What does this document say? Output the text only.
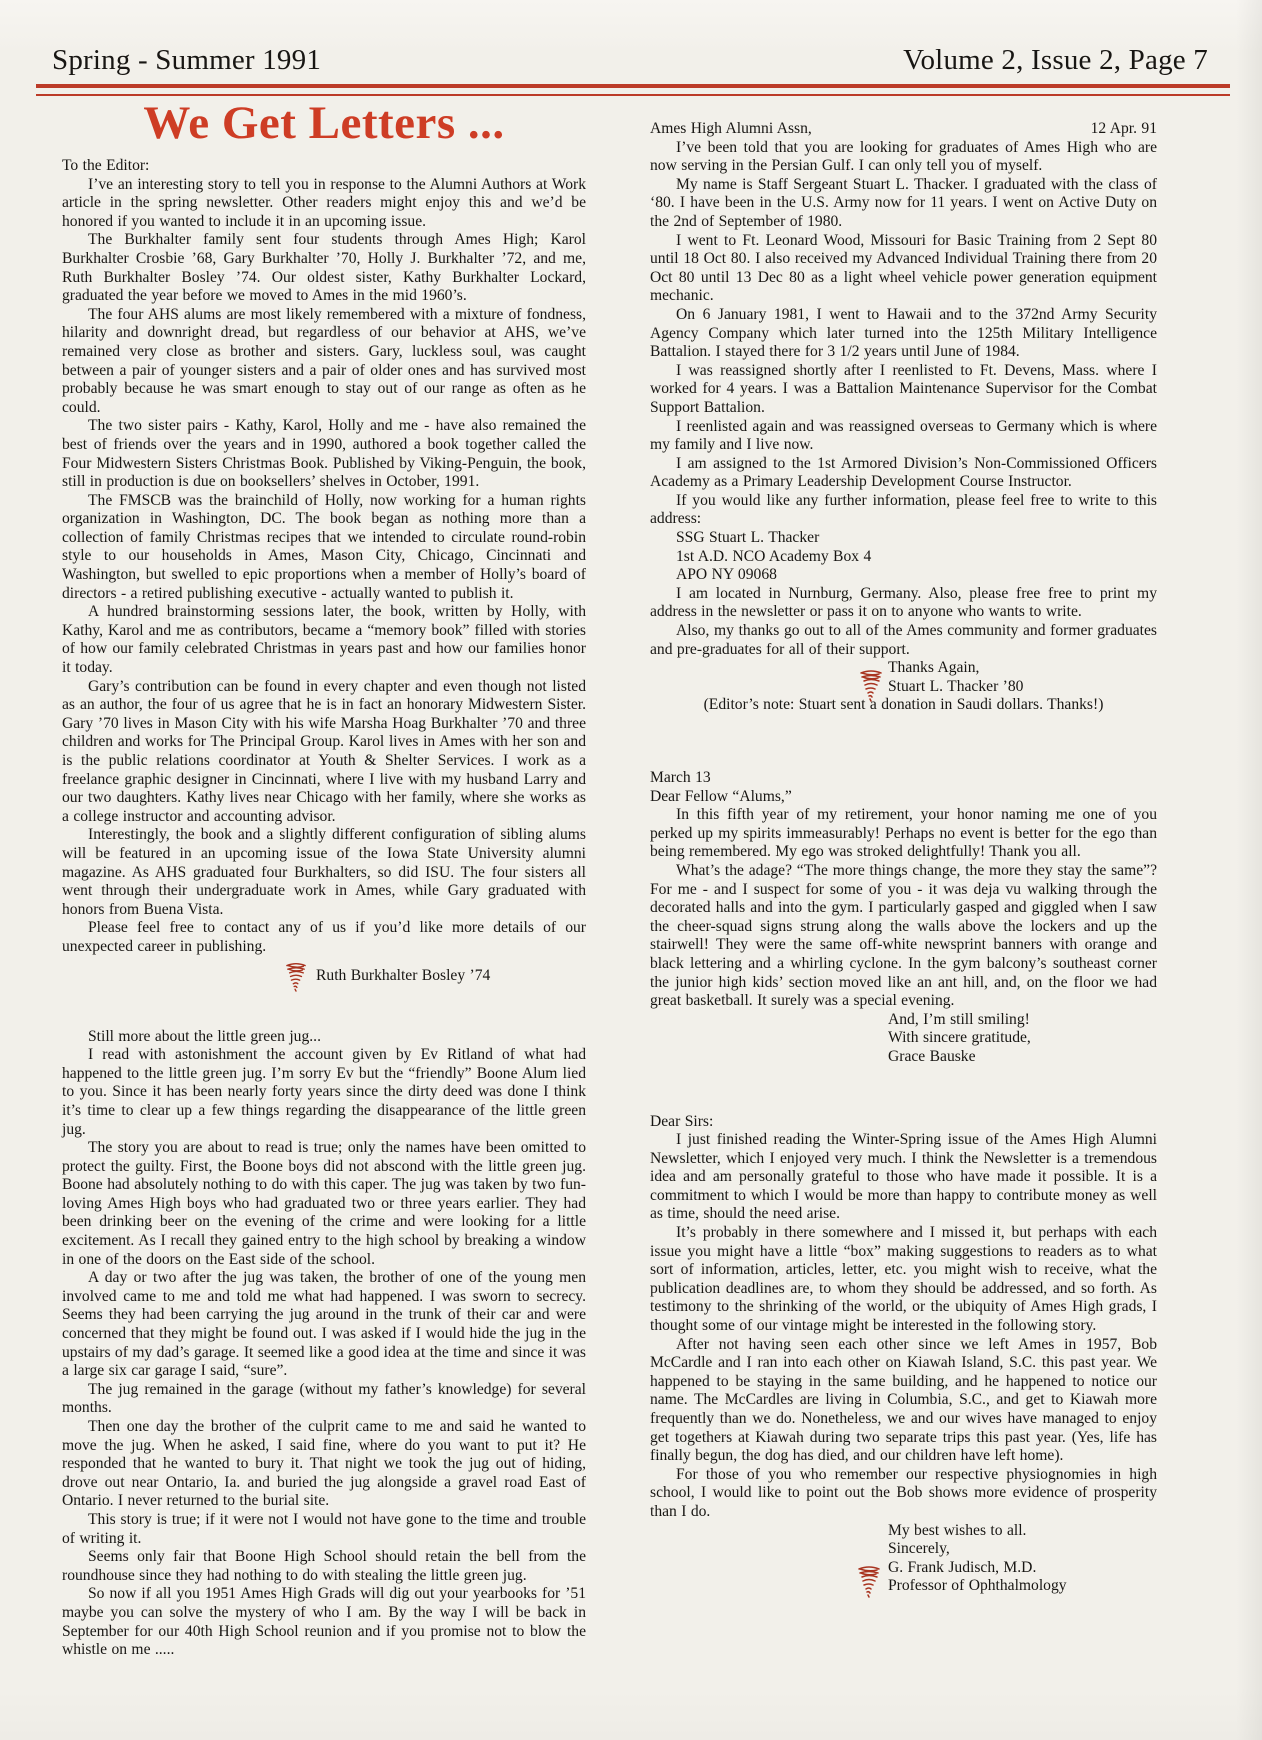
Spring - Summer 1991	Volume 2, Issue 2, Page 7
We Get Letters ...

To the Editor:

I’ve an interesting story to tell you in response to the Alumni Authors at Work article in the spring newsletter. Other readers might enjoy this and we’d be honored if you wanted to include it in an upcoming issue.

The Burkhalter family sent four students through Ames High; Karol Burkhalter Crosbie ’68, Gary Burkhalter ’70, Holly J. Burkhalter ’72, and me, Ruth Burkhalter Bosley ’74. Our oldest sister, Kathy Burkhalter Lockard, graduated the year before we moved to Ames in the mid 1960’s.

The four AHS alums are most likely remembered with a mixture of fondness, hilarity and downright dread, but regardless of our behavior at AHS, we’ve remained very close as brother and sisters. Gary, luckless soul, was caught between a pair of younger sisters and a pair of older ones and has survived most probably because he was smart enough to stay out of our range as often as he could.

The two sister pairs - Kathy, Karol, Holly and me - have also remained the best of friends over the years and in 1990, authored a book together called the Four Midwestern Sisters Christmas Book. Published by Viking-Penguin, the book, still in production is due on booksellers’ shelves in October, 1991.

The FMSCB was the brainchild of Holly, now working for a human rights organization in Washington, DC. The book began as nothing more than a collection of family Christmas recipes that we intended to circulate round-robin style to our households in Ames, Mason City, Chicago, Cincinnati and Washington, but swelled to epic proportions when a member of Holly’s board of directors - a retired publishing executive - actually wanted to publish it.

A hundred brainstorming sessions later, the book, written by Holly, with Kathy, Karol and me as contributors, became a “memory book” filled with stories of how our family celebrated Christmas in years past and how our families honor it today.

Gary’s contribution can be found in every chapter and even though not listed as an author, the four of us agree that he is in fact an honorary Midwestern Sister. Gary ’70 lives in Mason City with his wife Marsha Hoag Burkhalter ’70 and three children and works for The Principal Group. Karol lives in Ames with her son and is the public relations coordinator at Youth & Shelter Services. I work as a freelance graphic designer in Cincinnati, where I live with my husband Larry and our two daughters. Kathy lives near Chicago with her family, where she works as a college instructor and accounting advisor.

Interestingly, the book and a slightly different configuration of sibling alums will be featured in an upcoming issue of the Iowa State University alumni magazine. As AHS graduated four Burkhalters, so did ISU. The four sisters all went through their undergraduate work in Ames, while Gary graduated with honors from Buena Vista.

Please feel free to contact any of us if you’d like more details of our unexpected career in publishing.

Ruth Burkhalter Bosley ’74

Still more about the little green jug...

I read with astonishment the account given by Ev Ritland of what had happened to the little green jug. I’m sorry Ev but the “friendly” Boone Alum lied to you. Since it has been nearly forty years since the dirty deed was done I think it’s time to clear up a few things regarding the disappearance of the little green jug.

The story you are about to read is true; only the names have been omitted to protect the guilty. First, the Boone boys did not abscond with the little green jug. Boone had absolutely nothing to do with this caper. The jug was taken by two fun-loving Ames High boys who had graduated two or three years earlier. They had been drinking beer on the evening of the crime and were looking for a little excitement. As I recall they gained entry to the high school by breaking a window in one of the doors on the East side of the school.

A day or two after the jug was taken, the brother of one of the young men involved came to me and told me what had happened. I was sworn to secrecy. Seems they had been carrying the jug around in the trunk of their car and were concerned that they might be found out. I was asked if I would hide the jug in the upstairs of my dad’s garage. It seemed like a good idea at the time and since it was a large six car garage I said, “sure”.

The jug remained in the garage (without my father’s knowledge) for several months.

Then one day the brother of the culprit came to me and said he wanted to move the jug. When he asked, I said fine, where do you want to put it? He responded that he wanted to bury it. That night we took the jug out of hiding, drove out near Ontario, Ia. and buried the jug alongside a gravel road East of Ontario. I never returned to the burial site.

This story is true; if it were not I would not have gone to the time and trouble of writing it.

Seems only fair that Boone High School should retain the bell from the roundhouse since they had nothing to do with stealing the little green jug.

So now if all you 1951 Ames High Grads will dig out your yearbooks for ’51 maybe you can solve the mystery of who I am. By the way I will be back in September for our 40th High School reunion and if you promise not to blow the whistle on me .....

Ames High Alumni Assn,	12 Apr. 91

I’ve been told that you are looking for graduates of Ames High who are now serving in the Persian Gulf. I can only tell you of myself.

My name is Staff Sergeant Stuart L. Thacker. I graduated with the class of ‘80. I have been in the U.S. Army now for 11 years. I went on Active Duty on the 2nd of September of 1980.

I went to Ft. Leonard Wood, Missouri for Basic Training from 2 Sept 80 until 18 Oct 80. I also received my Advanced Individual Training there from 20 Oct 80 until 13 Dec 80 as a light wheel vehicle power generation equipment mechanic.

On 6 January 1981, I went to Hawaii and to the 372nd Army Security Agency Company which later turned into the 125th Military Intelligence Battalion. I stayed there for 3 1/2 years until June of 1984.

I was reassigned shortly after I reenlisted to Ft. Devens, Mass. where I worked for 4 years. I was a Battalion Maintenance Supervisor for the Combat Support Battalion.

I reenlisted again and was reassigned overseas to Germany which is where my family and I live now.

I am assigned to the 1st Armored Division’s Non-Commissioned Officers Academy as a Primary Leadership Development Course Instructor.

If you would like any further information, please feel free to write to this address:

SSG Stuart L. Thacker

1st A.D. NCO Academy Box 4

APO NY 09068

I am located in Nurnburg, Germany. Also, please free free to print my address in the newsletter or pass it on to anyone who wants to write.

Also, my thanks go out to all of the Ames community and former graduates and pre-graduates for all of their support.

Thanks Again,

Stuart L. Thacker ’80

(Editor’s note: Stuart sent a donation in Saudi dollars. Thanks!)

March 13

Dear Fellow “Alums,”

In this fifth year of my retirement, your honor naming me one of you perked up my spirits immeasurably! Perhaps no event is better for the ego than being remembered. My ego was stroked delightfully! Thank you all.

What’s the adage? “The more things change, the more they stay the same”? For me - and I suspect for some of you - it was deja vu walking through the decorated halls and into the gym. I particularly gasped and giggled when I saw the cheer-squad signs strung along the walls above the lockers and up the stairwell! They were the same off-white newsprint banners with orange and black lettering and a whirling cyclone. In the gym balcony’s southeast corner the junior high kids’ section moved like an ant hill, and, on the floor we had great basketball. It surely was a special evening.

And, I’m still smiling!

With sincere gratitude,

Grace Bauske

Dear Sirs:

I just finished reading the Winter-Spring issue of the Ames High Alumni Newsletter, which I enjoyed very much. I think the Newsletter is a tremendous idea and am personally grateful to those who have made it possible. It is a commitment to which I would be more than happy to contribute money as well as time, should the need arise.

It’s probably in there somewhere and I missed it, but perhaps with each issue you might have a little “box” making suggestions to readers as to what sort of information, articles, letter, etc. you might wish to receive, what the publication deadlines are, to whom they should be addressed, and so forth. As testimony to the shrinking of the world, or the ubiquity of Ames High grads, I thought some of our vintage might be interested in the following story.

After not having seen each other since we left Ames in 1957, Bob McCardle and I ran into each other on Kiawah Island, S.C. this past year. We happened to be staying in the same building, and he happened to notice our name. The McCardles are living in Columbia, S.C., and get to Kiawah more frequently than we do. Nonetheless, we and our wives have managed to enjoy get togethers at Kiawah during two separate trips this past year. (Yes, life has finally begun, the dog has died, and our children have left home).

For those of you who remember our respective physiognomies in high school, I would like to point out the Bob shows more evidence of prosperity than I do.

My best wishes to all.

Sincerely,

G. Frank Judisch, M.D.

Professor of Ophthalmology
